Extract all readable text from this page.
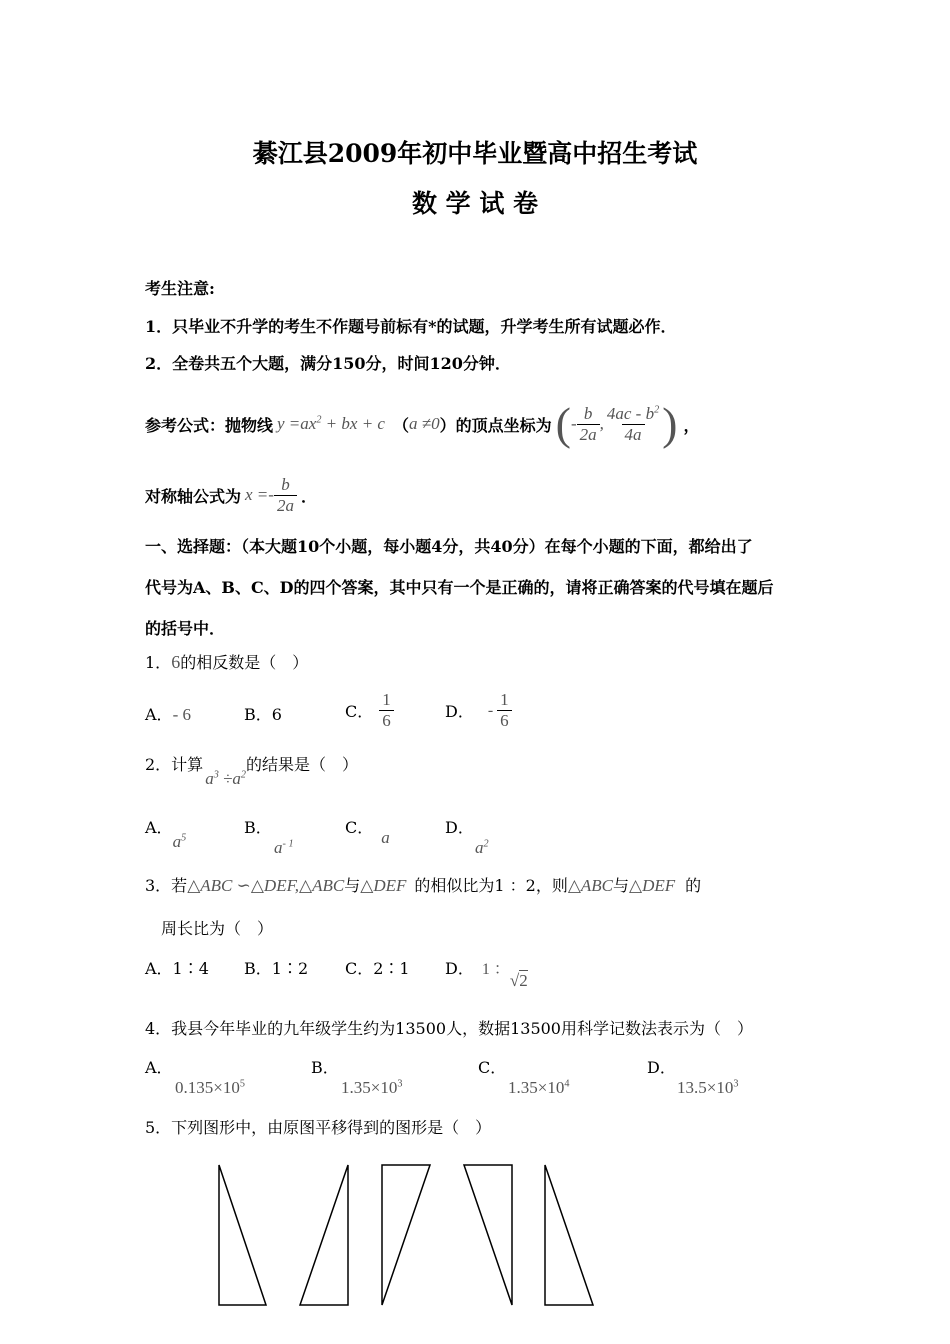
綦江县2009年初中毕业暨高中招生考试
数 学 试 卷
考生注意:
1．只毕业不升学的考生不作题号前标有*的试题，升学考生所有试题必作．
2．全卷共五个大题，满分150分，时间120分钟．
参考公式：抛物线 $y =ax^2$ + bx + c （ a ≠0 ） 的顶点坐标为 ( - $\frac{b}{2a}$ , $\frac{4ac - b^2}{4a}$ ) ，
对称轴公式为 $x =- \frac{b}{2a}$ ．
一、选择题：（本大题10个小题，每小题4分，共40分）在每个小题的下面，都给出了
代号为A、B、C、D的四个答案，其中只有一个是正确的，请将正确答案的代号填在题后
的括号中．
1．6的相反数是（　）
A．- 6	B．6	C． $\frac{1}{6}$	D． - $\frac{1}{6}$
2．计算$a^3 \div a^2$的结果是（　）
A．$a^5$
B．
$a^{- 1}$
C．a
D．
$a^2$
3．若△ABC ∽△DEF,△ABC与△DEF 的相似比为1 ：2，则△ABC与△DEF 的
周长比为（　）
A．1∶4 B．1∶2 C．2∶1 D． 1 ：√2
4．我县今年毕业的九年级学生约为13500人，数据13500用科学记数法表示为（　）
A．
$0.135\times 10^5$
B．
$1.35\times 10^3$
C．
$1.35\times 10^4$
D．
$13.5\times 10^3$
5．下列图形中，由原图平移得到的图形是（　）
